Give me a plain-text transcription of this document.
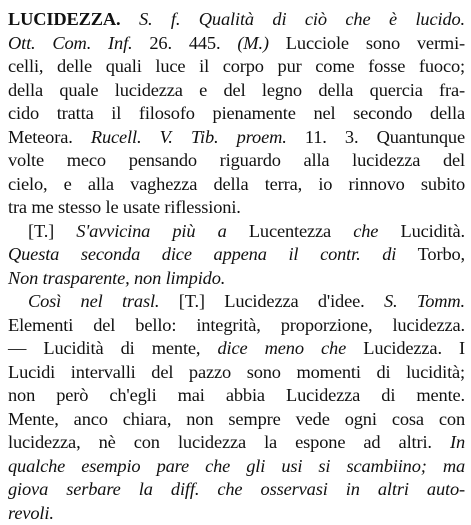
LUCIDEZZA. S. f. Qualità di ciò che è lucido.
Ott. Com. Inf. 26. 445. (M.) Lucciole sono vermi-
celli, delle quali luce il corpo pur come fosse fuoco;
della quale lucidezza e del legno della quercia fra-
cido tratta il filosofo pienamente nel secondo della
Meteora. Rucell. V. Tib. proem. 11. 3. Quantunque
volte meco pensando riguardo alla lucidezza del
cielo, e alla vaghezza della terra, io rinnovo subito
tra me stesso le usate riflessioni.
[T.] S'avvicina più a Lucentezza che Lucidità.
Questa seconda dice appena il contr. di Torbo,
Non trasparente, non limpido.
Così nel trasl. [T.] Lucidezza d'idee. S. Tomm.
Elementi del bello: integrità, proporzione, lucidezza.
— Lucidità di mente, dice meno che Lucidezza. I
Lucidi intervalli del pazzo sono momenti di lucidità;
non però ch'egli mai abbia Lucidezza di mente.
Mente, anco chiara, non sempre vede ogni cosa con
lucidezza, nè con lucidezza la espone ad altri. In
qualche esempio pare che gli usi si scambiino; ma
giova serbare la diff. che osservasi in altri auto-
revoli.
